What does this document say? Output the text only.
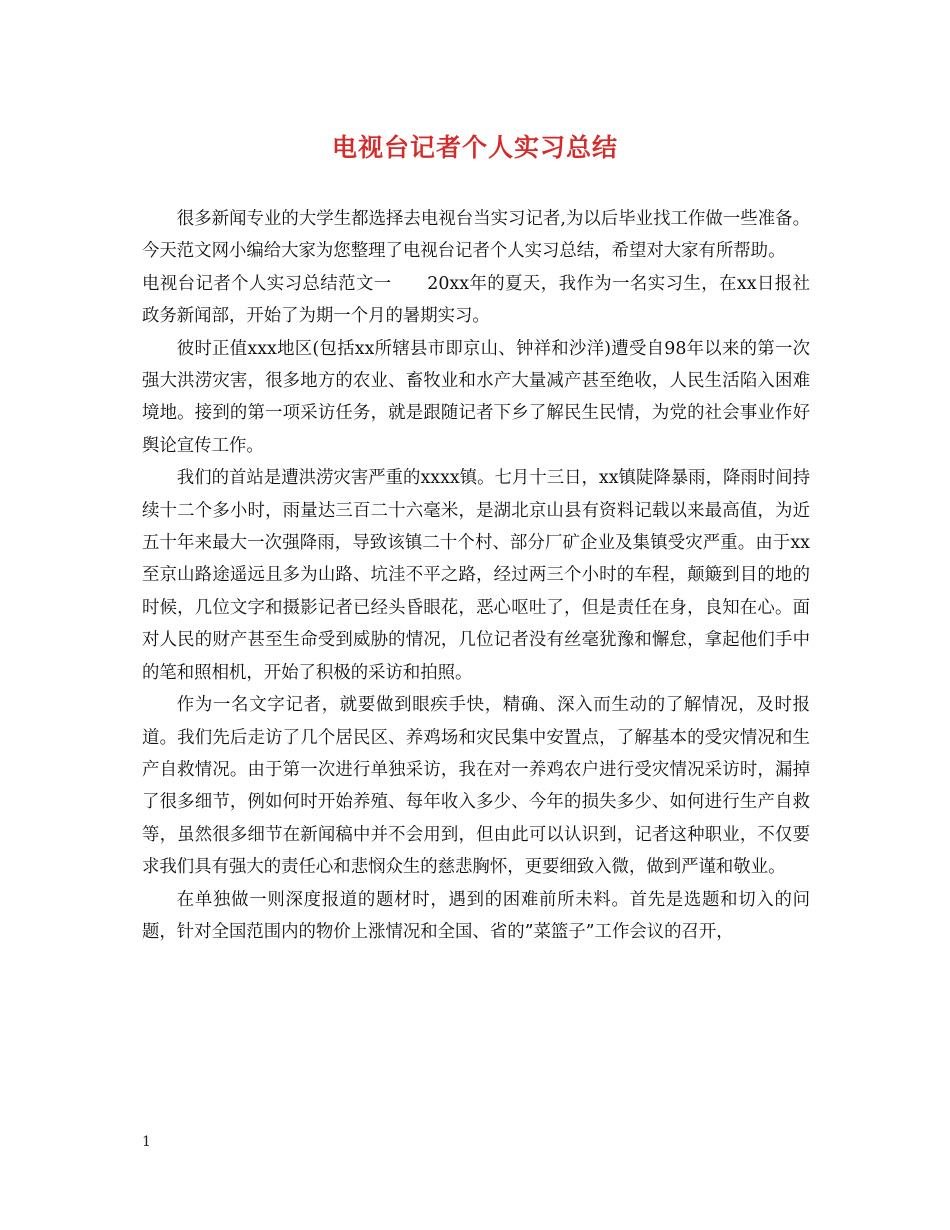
电视台记者个人实习总结

很多新闻专业的大学生都选择去电视台当实习记者,为以后毕业找工作做一些准备。今天范文网小编给大家为您整理了电视台记者个人实习总结，希望对大家有所帮助。

电视台记者个人实习总结范文一　　20xx年的夏天，我作为一名实习生，在xx日报社政务新闻部，开始了为期一个月的暑期实习。

彼时正值xxx地区(包括xx所辖县市即京山、钟祥和沙洋)遭受自98年以来的第一次强大洪涝灾害，很多地方的农业、畜牧业和水产大量减产甚至绝收，人民生活陷入困难境地。接到的第一项采访任务，就是跟随记者下乡了解民生民情，为党的社会事业作好舆论宣传工作。

我们的首站是遭洪涝灾害严重的xxxx镇。七月十三日，xx镇陡降暴雨，降雨时间持续十二个多小时，雨量达三百二十六毫米，是湖北京山县有资料记载以来最高值，为近五十年来最大一次强降雨，导致该镇二十个村、部分厂矿企业及集镇受灾严重。由于xx至京山路途遥远且多为山路、坑洼不平之路，经过两三个小时的车程，颠簸到目的地的时候，几位文字和摄影记者已经头昏眼花，恶心呕吐了，但是责任在身，良知在心。面对人民的财产甚至生命受到威胁的情况，几位记者没有丝毫犹豫和懈怠，拿起他们手中的笔和照相机，开始了积极的采访和拍照。

作为一名文字记者，就要做到眼疾手快，精确、深入而生动的了解情况，及时报道。我们先后走访了几个居民区、养鸡场和灾民集中安置点，了解基本的受灾情况和生产自救情况。由于第一次进行单独采访，我在对一养鸡农户进行受灾情况采访时，漏掉了很多细节，例如何时开始养殖、每年收入多少、今年的损失多少、如何进行生产自救等，虽然很多细节在新闻稿中并不会用到，但由此可以认识到，记者这种职业，不仅要求我们具有强大的责任心和悲悯众生的慈悲胸怀，更要细致入微，做到严谨和敬业。

在单独做一则深度报道的题材时，遇到的困难前所未料。首先是选题和切入的问题，针对全国范围内的物价上涨情况和全国、省的”菜篮子”工作会议的召开，

1
